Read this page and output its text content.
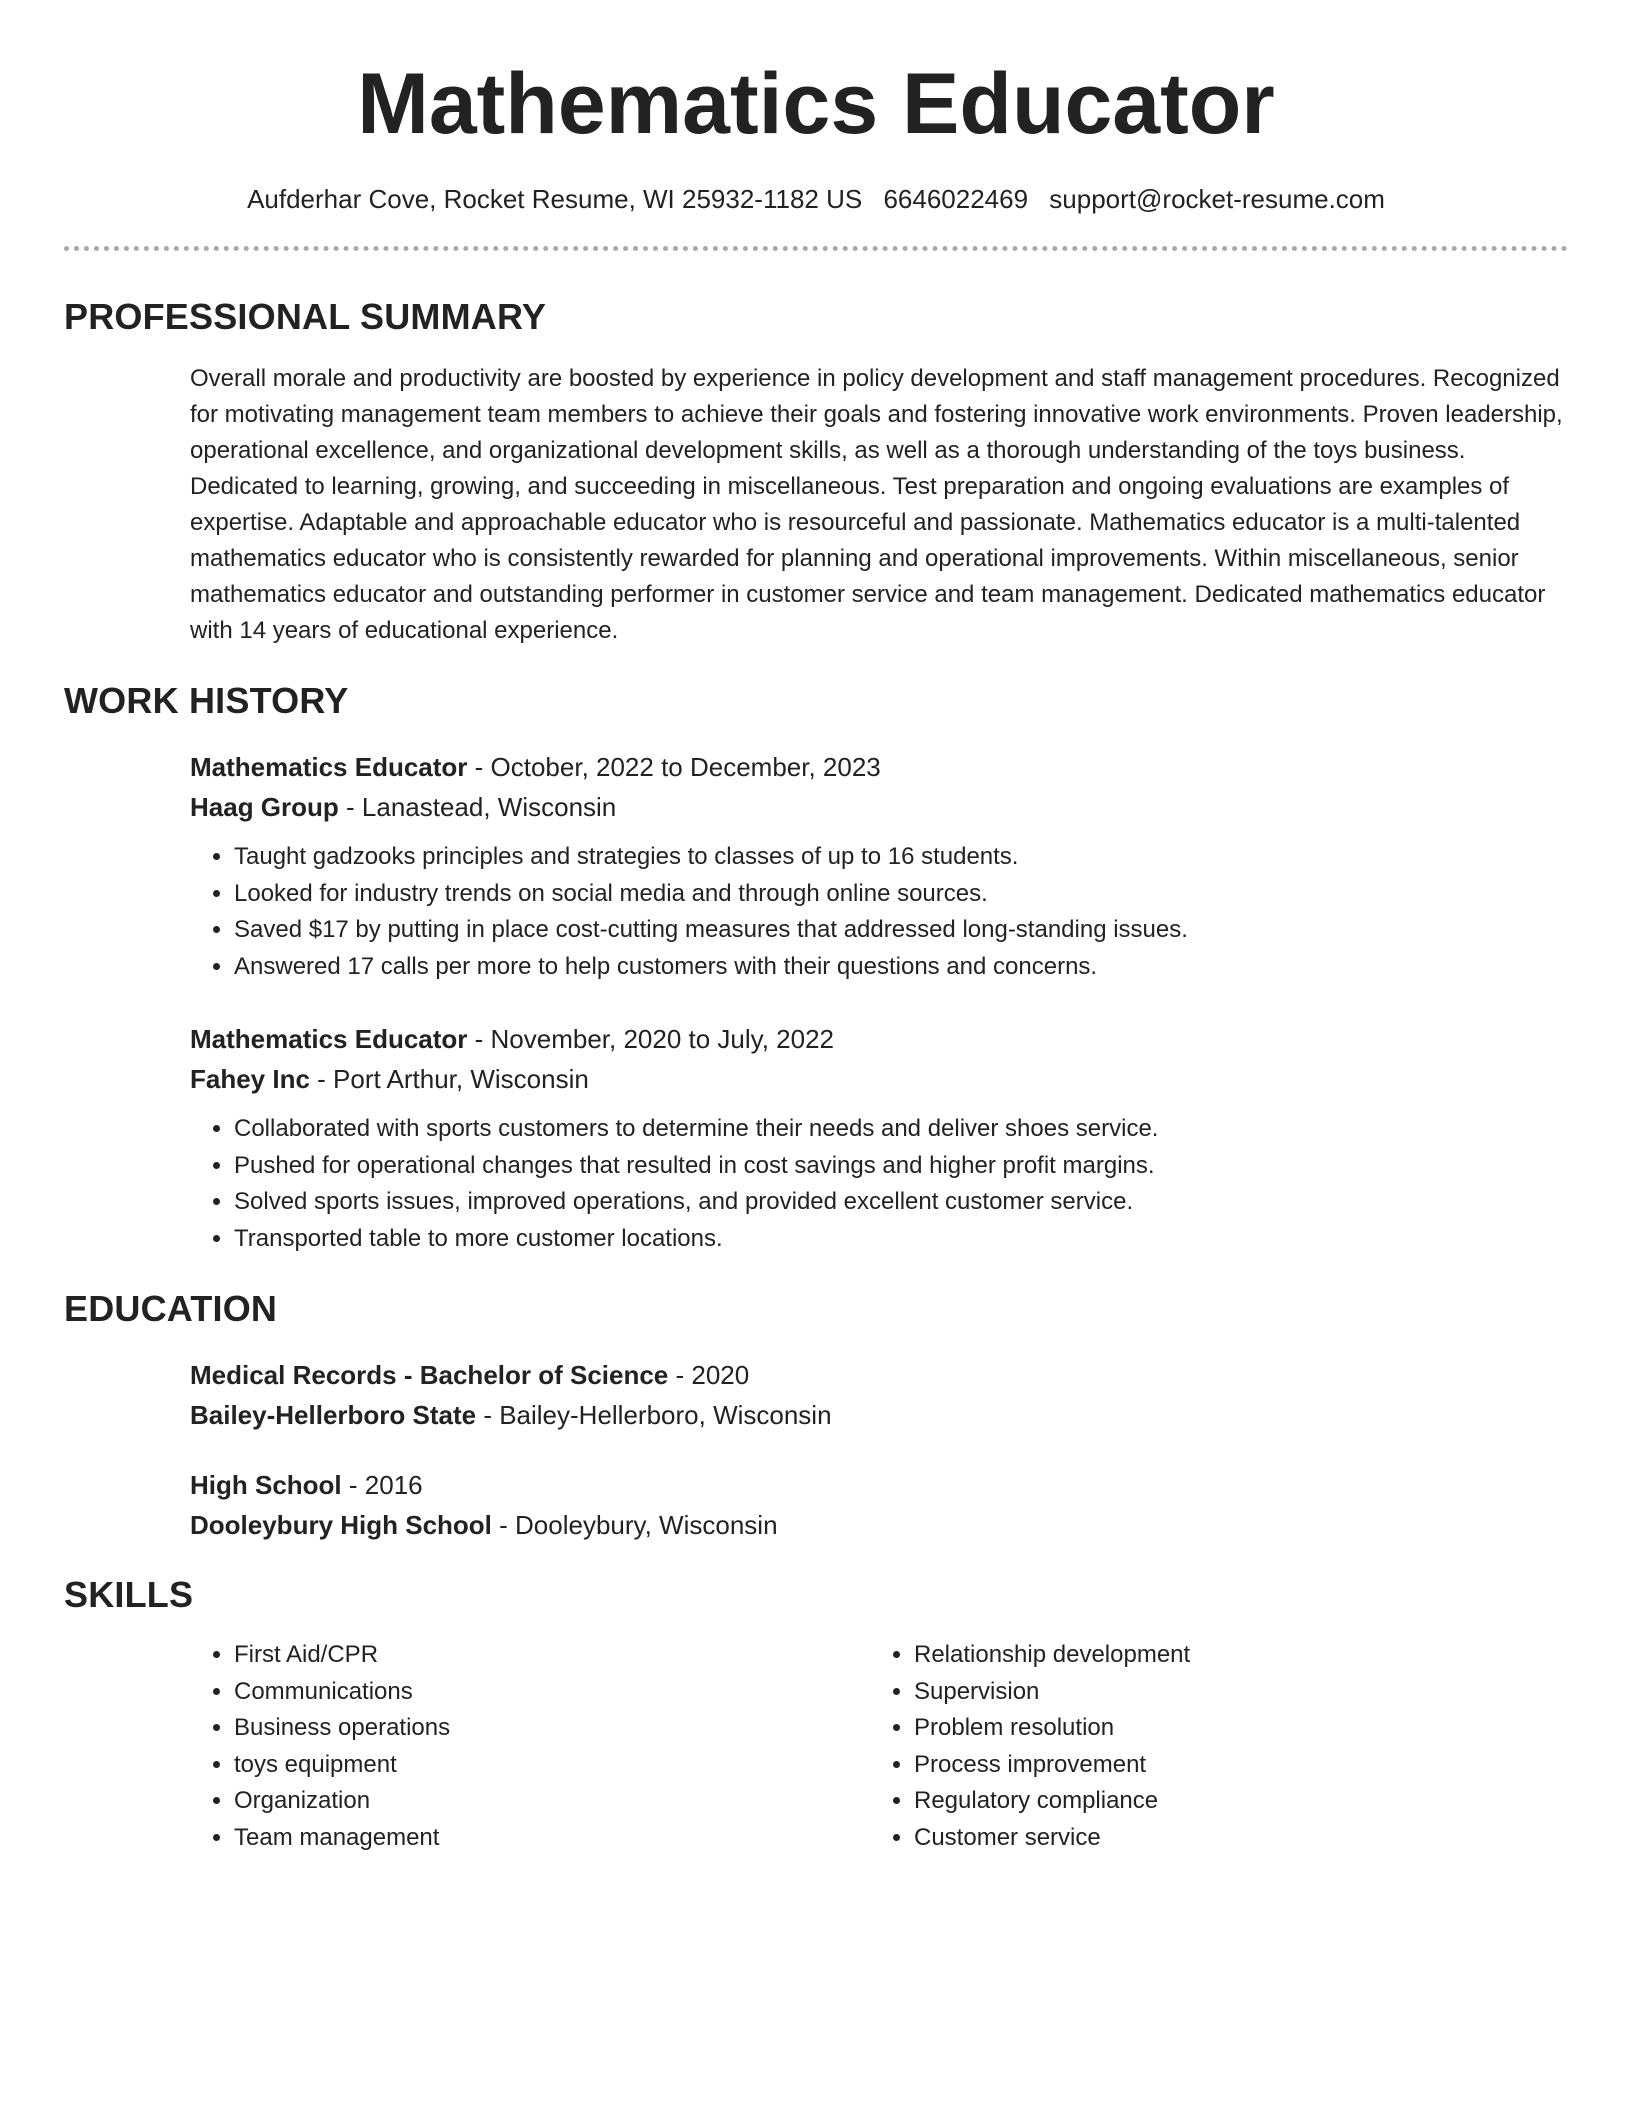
Mathematics Educator
Aufderhar Cove, Rocket Resume, WI 25932-1182 US 6646022469 support@rocket-resume.com
PROFESSIONAL SUMMARY
Overall morale and productivity are boosted by experience in policy development and staff management procedures. Recognized for motivating management team members to achieve their goals and fostering innovative work environments. Proven leadership, operational excellence, and organizational development skills, as well as a thorough understanding of the toys business. Dedicated to learning, growing, and succeeding in miscellaneous. Test preparation and ongoing evaluations are examples of expertise. Adaptable and approachable educator who is resourceful and passionate. Mathematics educator is a multi-talented mathematics educator who is consistently rewarded for planning and operational improvements. Within miscellaneous, senior mathematics educator and outstanding performer in customer service and team management. Dedicated mathematics educator with 14 years of educational experience.
WORK HISTORY
Mathematics Educator - October, 2022 to December, 2023
Haag Group - Lanastead, Wisconsin
• Taught gadzooks principles and strategies to classes of up to 16 students.
• Looked for industry trends on social media and through online sources.
• Saved $17 by putting in place cost-cutting measures that addressed long-standing issues.
• Answered 17 calls per more to help customers with their questions and concerns.
Mathematics Educator - November, 2020 to July, 2022
Fahey Inc - Port Arthur, Wisconsin
• Collaborated with sports customers to determine their needs and deliver shoes service.
• Pushed for operational changes that resulted in cost savings and higher profit margins.
• Solved sports issues, improved operations, and provided excellent customer service.
• Transported table to more customer locations.
EDUCATION
Medical Records - Bachelor of Science - 2020
Bailey-Hellerboro State - Bailey-Hellerboro, Wisconsin
High School - 2016
Dooleybury High School - Dooleybury, Wisconsin
SKILLS
• First Aid/CPR
• Communications
• Business operations
• toys equipment
• Organization
• Team management
• Relationship development
• Supervision
• Problem resolution
• Process improvement
• Regulatory compliance
• Customer service
